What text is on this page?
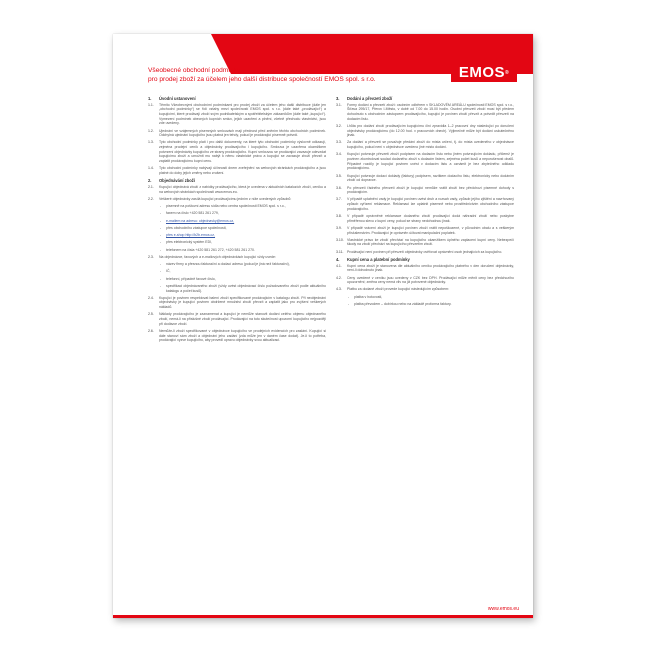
EMOS®
Všeobecné obchodní podmínky
pro prodej zboží za účelem jeho další distribuce společností EMOS spol. s r.o.
1. Úvodní ustanovení
1.1. Těmito Všeobecnými obchodními podmínkami pro prodej zboží za účelem jeho další distribuce (dále jen „obchodní podmínky“) se řídí vztahy mezi společností EMOS spol. s r.o. (dále také „prodávající“) a kupujícími, které prodávají zboží svým podnikatelským a spotřebitelským zákazníkům (dále také „kupující“). Vymezení podmínek obecných kupních smluv, jejich uzavření a plnění, včetně přechodu vlastnictví, jsou zde uvedeny.
1.2. Ujednání ve vzájemných písemných smlouvách mají přednost před zněním těchto obchodních podmínek. Odchylná ujednání kupujícího jsou platná jen tehdy, pokud je prodávající písemně potvrdí.
1.3. Tyto obchodní podmínky platí i pro další dokumenty, na které tyto obchodní podmínky výslovně odkazují, zejména prodejní ceník a objednávky prodávajícího i kupujícího. Smlouva je uzavřena okamžikem potvrzení objednávky kupujícího ze strany prodávajícího. Kupní smlouvou se prodávající zavazuje odevzdat kupujícímu zboží a umožnit mu nabýt k němu vlastnické právo a kupující se zavazuje zboží převzít a zaplatit prodávajícímu kupní cenu.
1.4. Tyto obchodní podmínky nabývají účinnosti dnem zveřejnění na webových stránkách prodávajícího a jsou platné do doby jejich změny nebo zrušení.
2. Objednávání zboží
2.1. Kupující objednává zboží z nabídky prodávajícího, která je uvedena v aktuálních katalozích zboží, ceníku a na webových stránkách společnosti www.emos.eu.
2.2. Veškeré objednávky zasílá kupující prodávajícímu jedním z níže uvedených způsobů:
- písemně na poštovní adresu sídla nebo centra společnosti EMOS spol. s r.o.,
- faxem na číslo +420 581 261 279,
- e-mailem na adresu: objednavky@emos.cz,
- přes obchodního zástupce společnosti,
- přes e-shop http://b2b.emos.cz,
- přes elektronický systém EDI,
- telefonem na čísla +420 581 261 272, +420 581 261 270.
2.3. Na objednávce, faxových a e-mailových objednávkách kupující vždy uvede:
- název firmy a přesnou fakturační a dodací adresu (pokud je jiná než fakturační),
- IČ,
- telefonní, případně faxové číslo,
- specifikaci objednávaného zboží (vždy uvést objednávací číslo požadovaného zboží podle aktuálního katalogu a počet kusů).
2.4. Kupující je povinen respektovat balení zboží specifikované prodávajícím v katalogu zboží. Při neobjednání objednávky je kupující povinen obdržené množství zboží převzít a zaplatit jako pro zvýšení veškerých nákladů.
2.5. Náklady prodávajícího je zaznamenat a kupující je nemůže stanovit dodání celého objemu objednaného zboží, nemá-li na příslušné zboží prodávající. Prodávající na tuto skutečnost upozorní kupujícího nejpozději při dodávce zboží.
2.6. Nemůže-li zboží specifikované v objednávce kupujícího ve prodejních evidencích pro zaslání. Kupující si dále stanoví sám zboží a objednání jeho zadání (zda může jen v daném čase dodat). Je-li to potřeba, prodávající vyzve kupujícího, aby provedl opravu objednávky svou aktualizaci.
3. Dodání a převzetí zboží
3.1. Formy dodání a převzetí zboží: osobním odběrem v SKLADOVÉM AREÁLU společnosti EMOS spol. s r.o., Šířava 295/17, Přerov I-Město, v době od 7.00 do 15.00 hodin. Osobní převzetí zboží musí být předem dohodnuto s obchodním zástupcem prodávajícího, kupující je povinen zboží převzít a potvrdit převzetí na dodacím listu.
3.2. Lhůta pro dodání zboží prodávajícím kupujícímu činí zpravidla 1–2 pracovní dny následující po doručení objednávky prodávajícímu (do 12.00 hod. v pracovních dnech). Výjimečně může být dodání uskutečněno jinak.
3.3. Za dodání a převzetí se považuje předání zboží do místa určení, tj. do místa uvedeného v objednávce kupujícího, pokud není v objednávce uvedeno jiné místo dodání.
3.4. Kupující potvrzuje převzetí zboží podpisem na dodacím listu nebo jiném potvrzujícím dokladu, přičemž je povinen zkontrolovat soulad dodaného zboží s dodacím listem, zejména počet kusů a neporušenost obalů. Případné rozdíly je kupující povinen uvést v dodacím listu a oznámit je bez zbytečného odkladu prodávajícímu.
3.5. Kupující potvrzuje dodací doklady (faktury) podpisem, razítkem dodacího listu, elektronicky nebo dodáním zboží od dopravce.
3.6. Po převzetí řádného převzetí zboží je kupující nemůže vrátit zboží bez předchozí písemné dohody s prodávajícím.
3.7. V případě uplatnění vady je kupující povinen uvést druh a rozsah vady, způsob jejího zjištění a navrhovaný způsob vyřízení reklamace. Reklamaci lze uplatnit písemně nebo prostřednictvím obchodního zástupce prodávajícího.
3.8. V případě oprávněné reklamace dodaného zboží prodávající dodá náhradní zboží nebo poskytne přiměřenou slevu z kupní ceny, pokud se strany nedohodnou jinak.
3.9. V případě vrácení zboží je kupující povinen zboží vrátit nepoškozené, v původním obalu a s veškerým příslušenstvím. Prodávající je oprávněn účtovat manipulační poplatek.
3.10. Vlastnické právo ke zboží přechází na kupujícího okamžikem úplného zaplacení kupní ceny. Nebezpečí škody na zboží přechází na kupujícího převzetím zboží.
3.11. Prodávající není povinen při převzetí objednávky ověřovat oprávnění osob jednajících za kupujícího.
4. Kupní cena a platební podmínky
4.1. Kupní cena zboží je stanovena dle aktuálního ceníku prodávajícího platného v den doručení objednávky, není-li dohodnuto jinak.
4.2. Ceny uvedené v ceníku jsou uvedeny v CZK bez DPH. Prodávající může měnit ceny bez předchozího upozornění; změna ceny nemá vliv na již potvrzené objednávky.
4.3. Platbu za dodané zboží provede kupující následujícím způsobem:
- platba v hotovosti,
- platba převodem – dobírkou nebo na základě proforma faktury.
www.emos.eu
